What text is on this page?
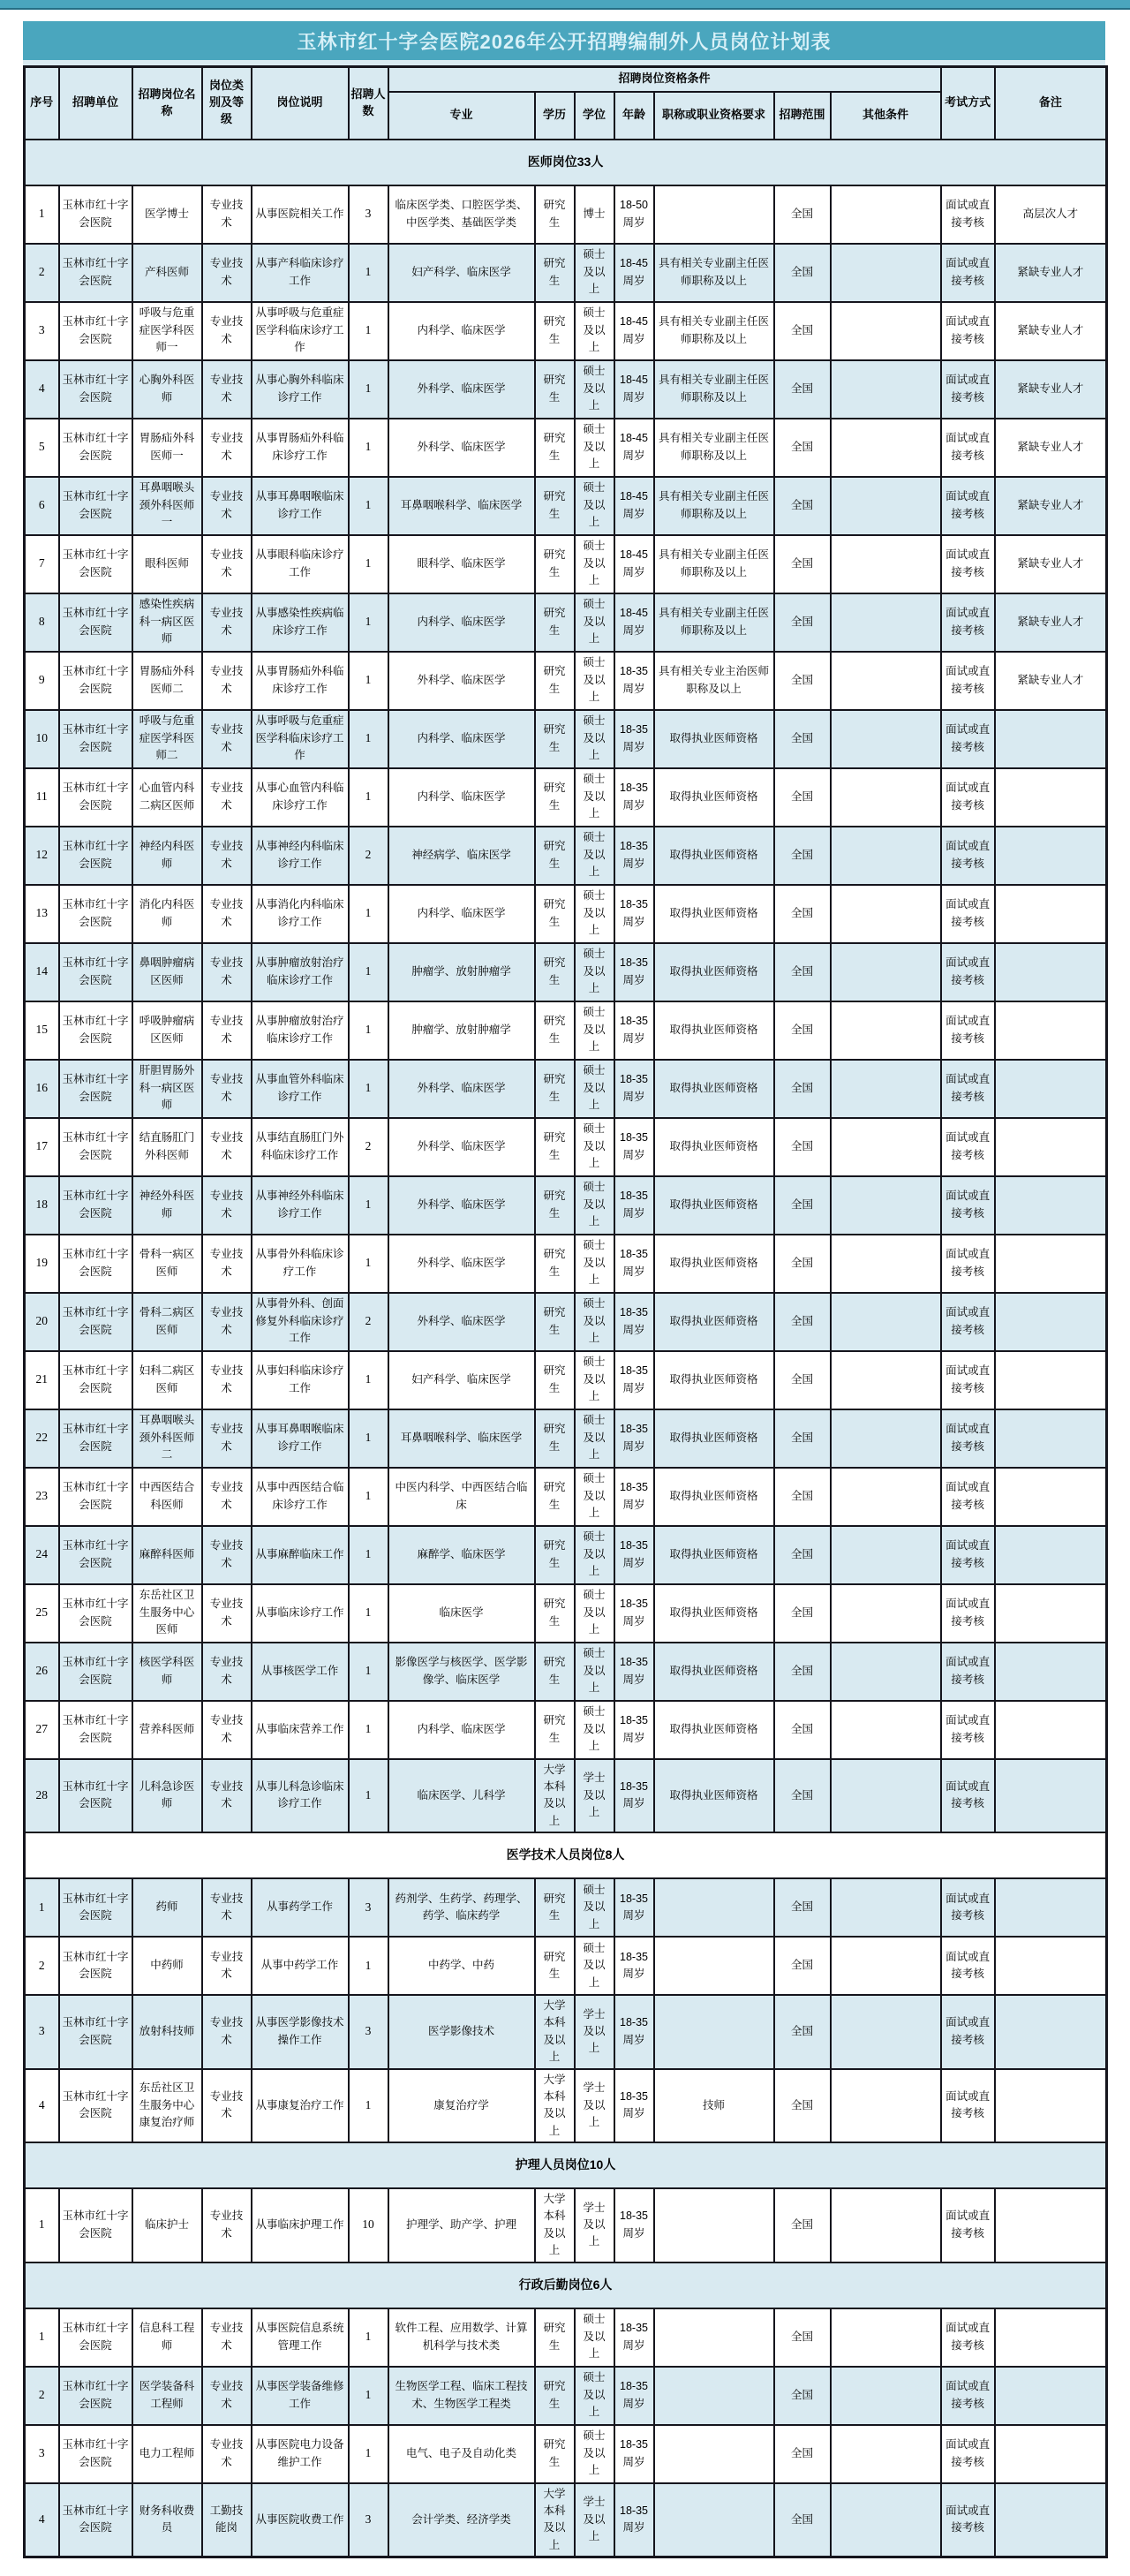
玉林市红十字会医院2026年公开招聘编制外人员岗位计划表
序号	招聘单位	招聘岗位名称	岗位类别及等级	岗位说明	招聘人数	招聘岗位资格条件							考试方式	备注
						专业	学历	学位	年龄	职称或职业资格要求	招聘范围	其他条件		
医师岗位33人														
1	玉林市红十字会医院	医学博士	专业技术	从事医院相关工作	3	临床医学类、口腔医学类、中医学类、基础医学类	研究生	博士	18-50周岁		全国		面试或直接考核	高层次人才
2	玉林市红十字会医院	产科医师	专业技术	从事产科临床诊疗工作	1	妇产科学、临床医学	研究生	硕士及以上	18-45周岁	具有相关专业副主任医师职称及以上	全国		面试或直接考核	紧缺专业人才
3	玉林市红十字会医院	呼吸与危重症医学科医师一	专业技术	从事呼吸与危重症医学科临床诊疗工作	1	内科学、临床医学	研究生	硕士及以上	18-45周岁	具有相关专业副主任医师职称及以上	全国		面试或直接考核	紧缺专业人才
4	玉林市红十字会医院	心胸外科医师	专业技术	从事心胸外科临床诊疗工作	1	外科学、临床医学	研究生	硕士及以上	18-45周岁	具有相关专业副主任医师职称及以上	全国		面试或直接考核	紧缺专业人才
5	玉林市红十字会医院	胃肠疝外科医师一	专业技术	从事胃肠疝外科临床诊疗工作	1	外科学、临床医学	研究生	硕士及以上	18-45周岁	具有相关专业副主任医师职称及以上	全国		面试或直接考核	紧缺专业人才
6	玉林市红十字会医院	耳鼻咽喉头颈外科医师一	专业技术	从事耳鼻咽喉临床诊疗工作	1	耳鼻咽喉科学、临床医学	研究生	硕士及以上	18-45周岁	具有相关专业副主任医师职称及以上	全国		面试或直接考核	紧缺专业人才
7	玉林市红十字会医院	眼科医师	专业技术	从事眼科临床诊疗工作	1	眼科学、临床医学	研究生	硕士及以上	18-45周岁	具有相关专业副主任医师职称及以上	全国		面试或直接考核	紧缺专业人才
8	玉林市红十字会医院	感染性疾病科一病区医师	专业技术	从事感染性疾病临床诊疗工作	1	内科学、临床医学	研究生	硕士及以上	18-45周岁	具有相关专业副主任医师职称及以上	全国		面试或直接考核	紧缺专业人才
9	玉林市红十字会医院	胃肠疝外科医师二	专业技术	从事胃肠疝外科临床诊疗工作	1	外科学、临床医学	研究生	硕士及以上	18-35周岁	具有相关专业主治医师职称及以上	全国		面试或直接考核	紧缺专业人才
10	玉林市红十字会医院	呼吸与危重症医学科医师二	专业技术	从事呼吸与危重症医学科临床诊疗工作	1	内科学、临床医学	研究生	硕士及以上	18-35周岁	取得执业医师资格	全国		面试或直接考核	
11	玉林市红十字会医院	心血管内科二病区医师	专业技术	从事心血管内科临床诊疗工作	1	内科学、临床医学	研究生	硕士及以上	18-35周岁	取得执业医师资格	全国		面试或直接考核	
12	玉林市红十字会医院	神经内科医师	专业技术	从事神经内科临床诊疗工作	2	神经病学、临床医学	研究生	硕士及以上	18-35周岁	取得执业医师资格	全国		面试或直接考核	
13	玉林市红十字会医院	消化内科医师	专业技术	从事消化内科临床诊疗工作	1	内科学、临床医学	研究生	硕士及以上	18-35周岁	取得执业医师资格	全国		面试或直接考核	
14	玉林市红十字会医院	鼻咽肿瘤病区医师	专业技术	从事肿瘤放射治疗临床诊疗工作	1	肿瘤学、放射肿瘤学	研究生	硕士及以上	18-35周岁	取得执业医师资格	全国		面试或直接考核	
15	玉林市红十字会医院	呼吸肿瘤病区医师	专业技术	从事肿瘤放射治疗临床诊疗工作	1	肿瘤学、放射肿瘤学	研究生	硕士及以上	18-35周岁	取得执业医师资格	全国		面试或直接考核	
16	玉林市红十字会医院	肝胆胃肠外科一病区医师	专业技术	从事血管外科临床诊疗工作	1	外科学、临床医学	研究生	硕士及以上	18-35周岁	取得执业医师资格	全国		面试或直接考核	
17	玉林市红十字会医院	结直肠肛门外科医师	专业技术	从事结直肠肛门外科临床诊疗工作	2	外科学、临床医学	研究生	硕士及以上	18-35周岁	取得执业医师资格	全国		面试或直接考核	
18	玉林市红十字会医院	神经外科医师	专业技术	从事神经外科临床诊疗工作	1	外科学、临床医学	研究生	硕士及以上	18-35周岁	取得执业医师资格	全国		面试或直接考核	
19	玉林市红十字会医院	骨科一病区医师	专业技术	从事骨外科临床诊疗工作	1	外科学、临床医学	研究生	硕士及以上	18-35周岁	取得执业医师资格	全国		面试或直接考核	
20	玉林市红十字会医院	骨科二病区医师	专业技术	从事骨外科、创面修复外科临床诊疗工作	2	外科学、临床医学	研究生	硕士及以上	18-35周岁	取得执业医师资格	全国		面试或直接考核	
21	玉林市红十字会医院	妇科二病区医师	专业技术	从事妇科临床诊疗工作	1	妇产科学、临床医学	研究生	硕士及以上	18-35周岁	取得执业医师资格	全国		面试或直接考核	
22	玉林市红十字会医院	耳鼻咽喉头颈外科医师二	专业技术	从事耳鼻咽喉临床诊疗工作	1	耳鼻咽喉科学、临床医学	研究生	硕士及以上	18-35周岁	取得执业医师资格	全国		面试或直接考核	
23	玉林市红十字会医院	中西医结合科医师	专业技术	从事中西医结合临床诊疗工作	1	中医内科学、中西医结合临床	研究生	硕士及以上	18-35周岁	取得执业医师资格	全国		面试或直接考核	
24	玉林市红十字会医院	麻醉科医师	专业技术	从事麻醉临床工作	1	麻醉学、临床医学	研究生	硕士及以上	18-35周岁	取得执业医师资格	全国		面试或直接考核	
25	玉林市红十字会医院	东岳社区卫生服务中心医师	专业技术	从事临床诊疗工作	1	临床医学	研究生	硕士及以上	18-35周岁	取得执业医师资格	全国		面试或直接考核	
26	玉林市红十字会医院	核医学科医师	专业技术	从事核医学工作	1	影像医学与核医学、医学影像学、临床医学	研究生	硕士及以上	18-35周岁	取得执业医师资格	全国		面试或直接考核	
27	玉林市红十字会医院	营养科医师	专业技术	从事临床营养工作	1	内科学、临床医学	研究生	硕士及以上	18-35周岁	取得执业医师资格	全国		面试或直接考核	
28	玉林市红十字会医院	儿科急诊医师	专业技术	从事儿科急诊临床诊疗工作	1	临床医学、儿科学	大学本科及以上	学士及以上	18-35周岁	取得执业医师资格	全国		面试或直接考核	
医学技术人员岗位8人														
1	玉林市红十字会医院	药师	专业技术	从事药学工作	3	药剂学、生药学、药理学、药学、临床药学	研究生	硕士及以上	18-35周岁		全国		面试或直接考核	
2	玉林市红十字会医院	中药师	专业技术	从事中药学工作	1	中药学、中药	研究生	硕士及以上	18-35周岁		全国		面试或直接考核	
3	玉林市红十字会医院	放射科技师	专业技术	从事医学影像技术操作工作	3	医学影像技术	大学本科及以上	学士及以上	18-35周岁		全国		面试或直接考核	
4	玉林市红十字会医院	东岳社区卫生服务中心康复治疗师	专业技术	从事康复治疗工作	1	康复治疗学	大学本科及以上	学士及以上	18-35周岁	技师	全国		面试或直接考核	
护理人员岗位10人														
1	玉林市红十字会医院	临床护士	专业技术	从事临床护理工作	10	护理学、助产学、护理	大学本科及以上	学士及以上	18-35周岁		全国		面试或直接考核	
行政后勤岗位6人														
1	玉林市红十字会医院	信息科工程师	专业技术	从事医院信息系统管理工作	1	软件工程、应用数学、计算机科学与技术类	研究生	硕士及以上	18-35周岁		全国		面试或直接考核	
2	玉林市红十字会医院	医学装备科工程师	专业技术	从事医学装备维修工作	1	生物医学工程、临床工程技术、生物医学工程类	研究生	硕士及以上	18-35周岁		全国		面试或直接考核	
3	玉林市红十字会医院	电力工程师	专业技术	从事医院电力设备维护工作	1	电气、电子及自动化类	研究生	硕士及以上	18-35周岁		全国		面试或直接考核	
4	玉林市红十字会医院	财务科收费员	工勤技能岗	从事医院收费工作	3	会计学类、经济学类	大学本科及以上	学士及以上	18-35周岁		全国		面试或直接考核	
